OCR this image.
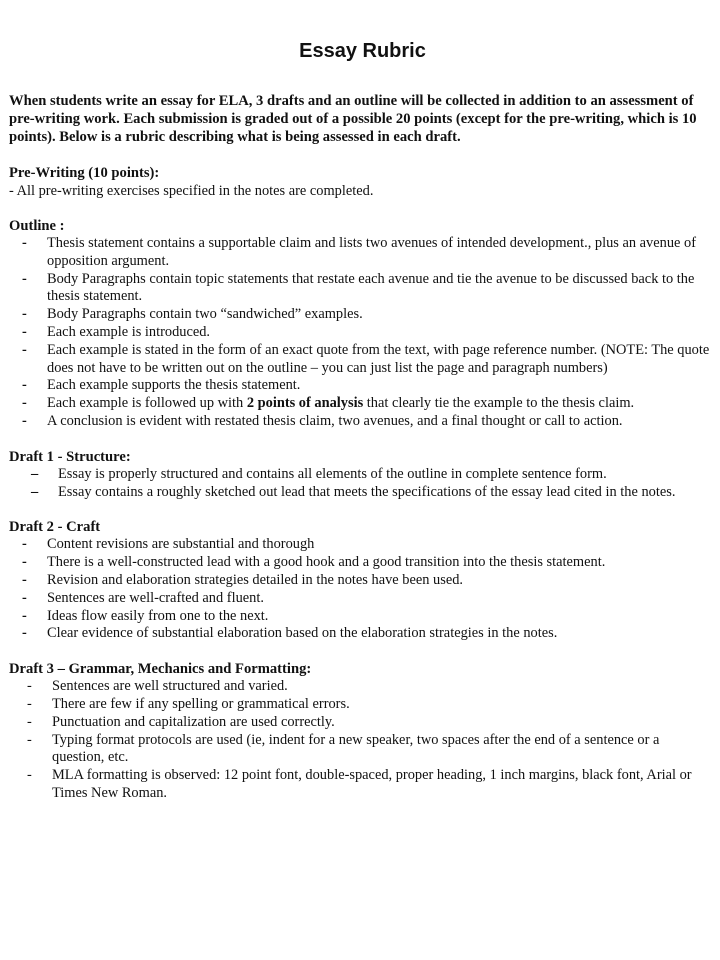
Essay Rubric

When students write an essay for ELA, 3 drafts and an outline will be collected in addition to an assessment of pre-writing work. Each submission is graded out of a possible 20 points (except for the pre-writing, which is 10 points). Below is a rubric describing what is being assessed in each draft.

Pre-Writing (10 points):

- All pre-writing exercises specified in the notes are completed.

Outline :

- Thesis statement contains a supportable claim and lists two avenues of intended development., plus an avenue of opposition argument.
- Body Paragraphs contain topic statements that restate each avenue and tie the avenue to be discussed back to the thesis statement.
- Body Paragraphs contain two “sandwiched” examples.
- Each example is introduced.
- Each example is stated in the form of an exact quote from the text, with page reference number. (NOTE: The quote does not have to be written out on the outline – you can just list the page and paragraph numbers)
- Each example supports the thesis statement.
- Each example is followed up with 2 points of analysis that clearly tie the example to the thesis claim.
- A conclusion is evident with restated thesis claim, two avenues, and a final thought or call to action.

Draft 1 - Structure:

– Essay is properly structured and contains all elements of the outline in complete sentence form.
– Essay contains a roughly sketched out lead that meets the specifications of the essay lead cited in the notes.

Draft 2 - Craft

- Content revisions are substantial and thorough
- There is a well-constructed lead with a good hook and a good transition into the thesis statement.
- Revision and elaboration strategies detailed in the notes have been used.
- Sentences are well-crafted and fluent.
- Ideas flow easily from one to the next.
- Clear evidence of substantial elaboration based on the elaboration strategies in the notes.

Draft 3 – Grammar, Mechanics and Formatting:

- Sentences are well structured and varied.
- There are few if any spelling or grammatical errors.
- Punctuation and capitalization are used correctly.
- Typing format protocols are used (ie, indent for a new speaker, two spaces after the end of a sentence or a question, etc.
- MLA formatting is observed: 12 point font, double-spaced, proper heading, 1 inch margins, black font, Arial or Times New Roman.
